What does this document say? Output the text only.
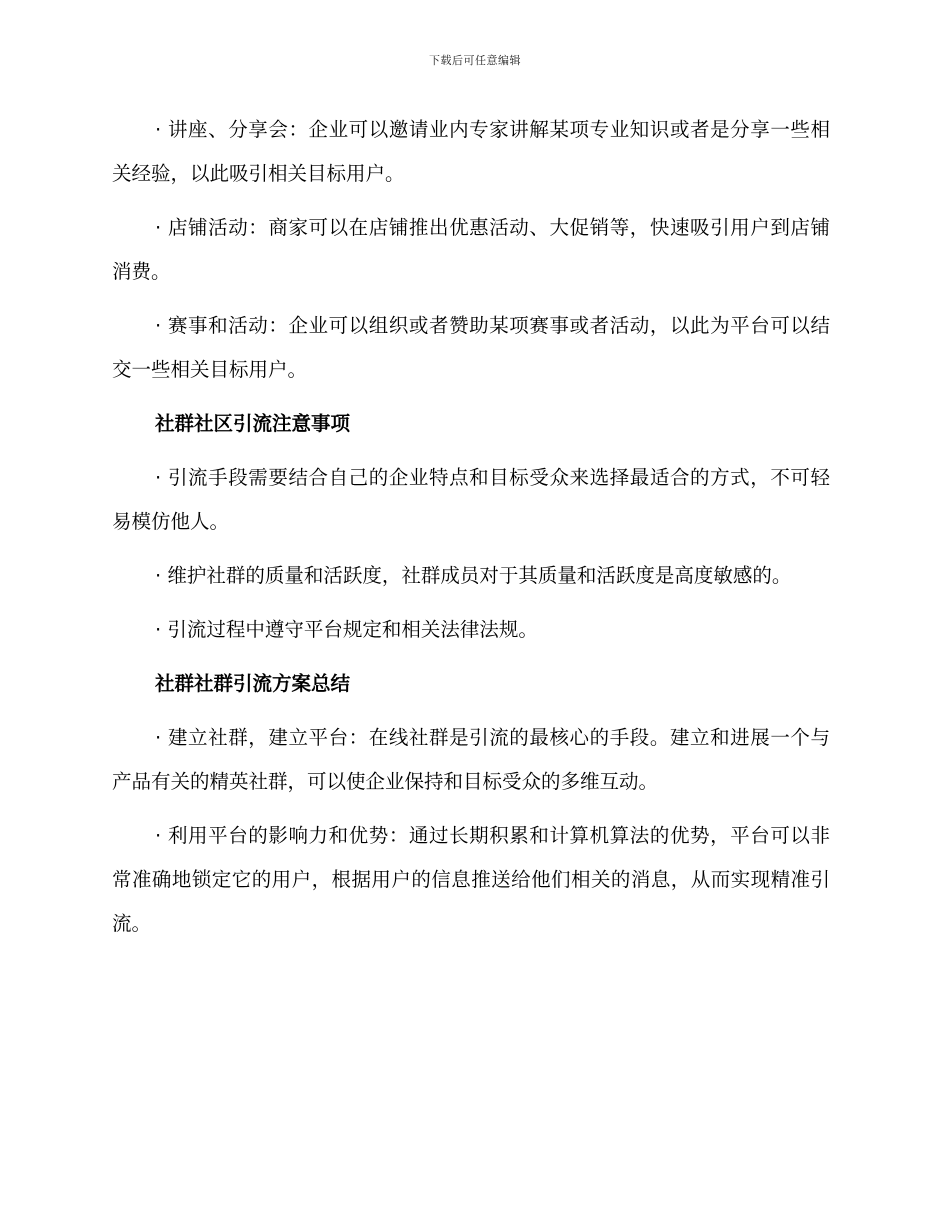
下载后可任意编辑

· 讲座、分享会：企业可以邀请业内专家讲解某项专业知识或者是分享一些相关经验，以此吸引相关目标用户。

· 店铺活动：商家可以在店铺推出优惠活动、大促销等，快速吸引用户到店铺消费。

· 赛事和活动：企业可以组织或者赞助某项赛事或者活动，以此为平台可以结交一些相关目标用户。

社群社区引流注意事项

· 引流手段需要结合自己的企业特点和目标受众来选择最适合的方式，不可轻易模仿他人。

· 维护社群的质量和活跃度，社群成员对于其质量和活跃度是高度敏感的。

· 引流过程中遵守平台规定和相关法律法规。

社群社群引流方案总结

· 建立社群，建立平台：在线社群是引流的最核心的手段。建立和进展一个与产品有关的精英社群，可以使企业保持和目标受众的多维互动。

· 利用平台的影响力和优势：通过长期积累和计算机算法的优势，平台可以非常准确地锁定它的用户，根据用户的信息推送给他们相关的消息，从而实现精准引流。
